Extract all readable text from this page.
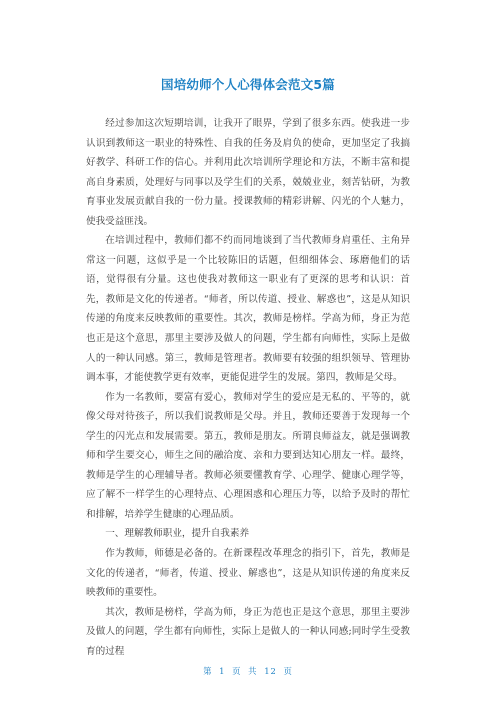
国培幼师个人心得体会范文5篇

经过参加这次短期培训，让我开了眼界，学到了很多东西。使我进一步认识到教师这一职业的特殊性、自我的任务及肩负的使命，更加坚定了我搞好教学、科研工作的信心。并利用此次培训所学理论和方法，不断丰富和提高自身素质，处理好与同事以及学生们的关系，兢兢业业，刻苦钻研，为教育事业发展贡献自我的一份力量。授课教师的精彩讲解、闪光的个人魅力，使我受益匪浅。

在培训过程中，教师们都不约而同地谈到了当代教师身肩重任、主角异常这一问题，这似乎是一个比较陈旧的话题，但细细体会、琢磨他们的话语，觉得很有分量。这也使我对教师这一职业有了更深的思考和认识：首先，教师是文化的传递者。“师者，所以传道、授业、解惑也”，这是从知识传递的角度来反映教师的重要性。其次，教师是榜样。学高为师，身正为范也正是这个意思，那里主要涉及做人的问题，学生都有向师性，实际上是做人的一种认同感。第三，教师是管理者。教师要有较强的组织领导、管理协调本事，才能使教学更有效率，更能促进学生的发展。第四，教师是父母。

作为一名教师，要富有爱心，教师对学生的爱应是无私的、平等的，就像父母对待孩子，所以我们说教师是父母。并且，教师还要善于发现每一个学生的闪光点和发展需要。第五，教师是朋友。所谓良师益友，就是强调教师和学生要交心，师生之间的融洽度、亲和力要到达知心朋友一样。最终，教师是学生的心理辅导者。教师必须要懂教育学、心理学、健康心理学等，应了解不一样学生的心理特点、心理困惑和心理压力等，以给予及时的帮忙和排解，培养学生健康的心理品质。

一、理解教师职业，提升自我素养

作为教师，师德是必备的。在新课程改革理念的指引下，首先，教师是文化的传递者，“师者，传道、授业、解惑也”，这是从知识传递的角度来反映教师的重要性。

其次，教师是榜样，学高为师，身正为范也正是这个意思，那里主要涉及做人的问题，学生都有向师性，实际上是做人的一种认同感;同时学生受教育的过程

第 1 页 共 12 页
